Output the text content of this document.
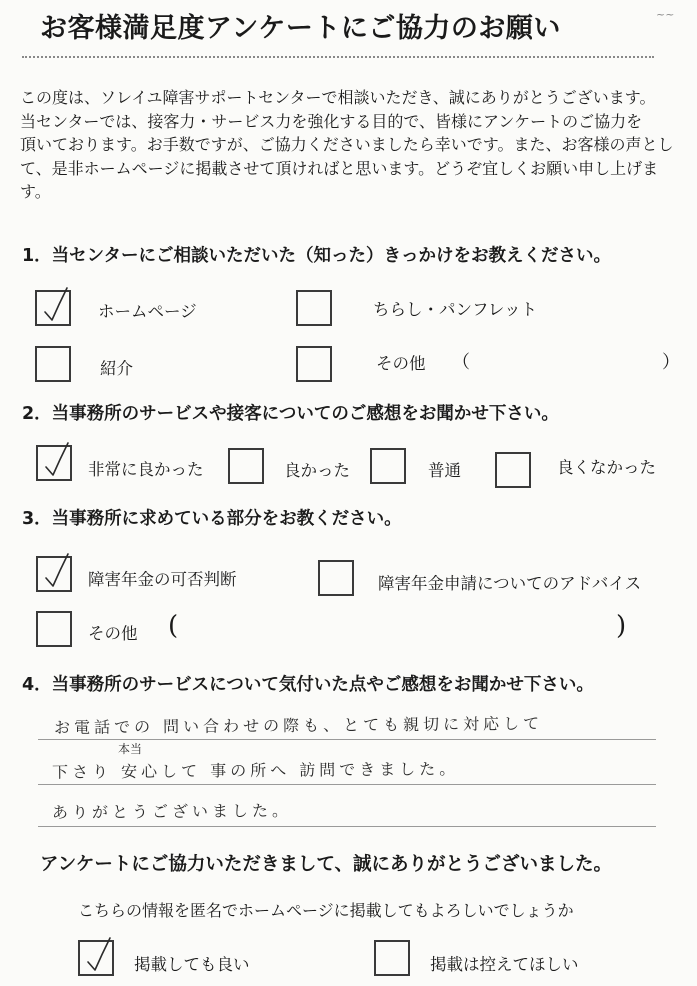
お客様満足度アンケートにご協力のお願い	~~
この度は、ソレイユ障害サポートセンターで相談いただき、誠にありがとうございます。
当センターでは、接客力・サービス力を強化する目的で、皆様にアンケートのご協力を
頂いております。お手数ですが、ご協力くださいましたら幸いです。また、お客様の声とし
て、是非ホームページに掲載させて頂ければと思います。どうぞ宜しくお願い申し上げま
す。
1．当センターにご相談いただいた（知った）きっかけをお教えください。
ホームページ	ちらし・パンフレット
紹介	その他 （	）
2．当事務所のサービスや接客についてのご感想をお聞かせ下さい。
非常に良かった	良かった	普通	良くなかった
3．当事務所に求めている部分をお教ください。
障害年金の可否判断	障害年金申請についてのアドバイス
その他 (	)
4．当事務所のサービスについて気付いた点やご感想をお聞かせ下さい。
お電話での 問い合わせの際も、とても親切に対応して
本当
下さり 安心して 事の所へ 訪問できました。
ありがとうございました。
アンケートにご協力いただきまして、誠にありがとうございました。
こちらの情報を匿名でホームページに掲載してもよろしいでしょうか
掲載しても良い	掲載は控えてほしい
